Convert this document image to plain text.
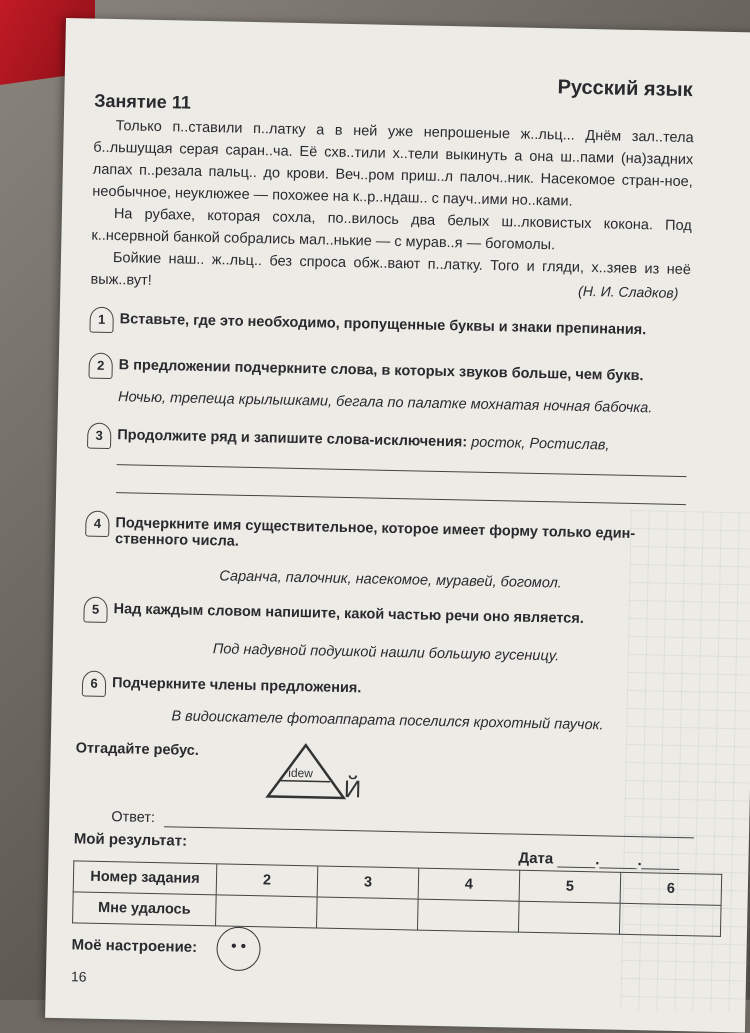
Русский язык
Занятие 11

Только п..ставили п..латку а в ней уже непрошеные ж..льц... Днём зал..тела б..льшущая серая саран..ча. Её схв..тили х..тели выкинуть а она ш..пами (на)задних лапах п..резала пальц.. до крови. Веч..ром приш..л палоч..ник. Насекомое стран-ное, необычное, неуклюжее — похожее на к..р..ндаш.. с пауч..ими но..ками.

На рубахе, которая сохла, по..вилось два белых ш..лковистых кокона. Под к..нсервной банкой собрались мал..нькие — с мурав..я — богомолы.

Бойкие наш.. ж..льц.. без спроса обж..вают п..латку. Того и гляди, х..зяев из неё выж..вут!

(Н. И. Сладков)
1 Вставьте, где это необходимо, пропущенные буквы и знаки препинания.
2 В предложении подчеркните слова, в которых звуков больше, чем букв.
Ночью, трепеща крылышками, бегала по палатке мохнатая ночная бабочка.
3 Продолжите ряд и запишите слова-исключения: росток, Ростислав,
4 Подчеркните имя существительное, которое имеет форму только един-ственного числа.
Саранча, палочник, насекомое, муравей, богомол.
5 Над каждым словом напишите, какой частью речи оно является.
Под надувной подушкой нашли большую гусеницу.
6 Подчеркните члены предложения.
В видоискателе фотоаппарата поселился крохотный паучок.
Отгадайте ребус.
idew
Й
Ответ:
Мой результат:
Дата	.	.
Номер задания	2	3	4	5	6
Мне удалось					
Моё настроение:	• •
16
